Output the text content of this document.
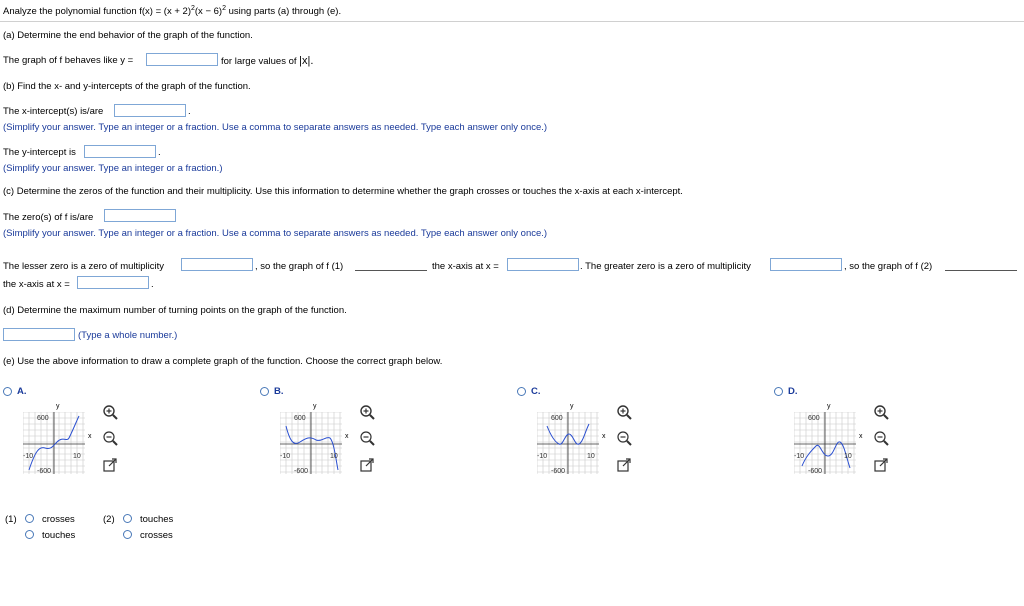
Analyze the polynomial function $f(x) = (x + 2)^2(x - 6)^2$ using parts (a) through (e).
(a) Determine the end behavior of the graph of the function.
The graph of f behaves like y =	for large values of |x|.
(b) Find the x- and y-intercepts of the graph of the function.
The x-intercept(s) is/are	.
(Simplify your answer. Type an integer or a fraction. Use a comma to separate answers as needed. Type each answer only once.)
The y-intercept is	.
(Simplify your answer. Type an integer or a fraction.)
(c) Determine the zeros of the function and their multiplicity. Use this information to determine whether the graph crosses or touches the x-axis at each x-intercept.
The zero(s) of f is/are
(Simplify your answer. Type an integer or a fraction. Use a comma to separate answers as needed. Type each answer only once.)
The lesser zero is a zero of multiplicity	, so the graph of f (1)	the x-axis at x =	. The greater zero is a zero of multiplicity	, so the graph of f (2)
the x-axis at x =	.
(d) Determine the maximum number of turning points on the graph of the function.
(Type a whole number.)
(e) Use the above information to draw a complete graph of the function. Choose the correct graph below.
A.
600
-600
-10	10
y
x
B.
600
-600
-10	10
y
x
C.
600
-600
-10	10
y
x
D.
600
-600
-10	10
y
x
(1)	crosses
touches
(2)	touches
crosses
